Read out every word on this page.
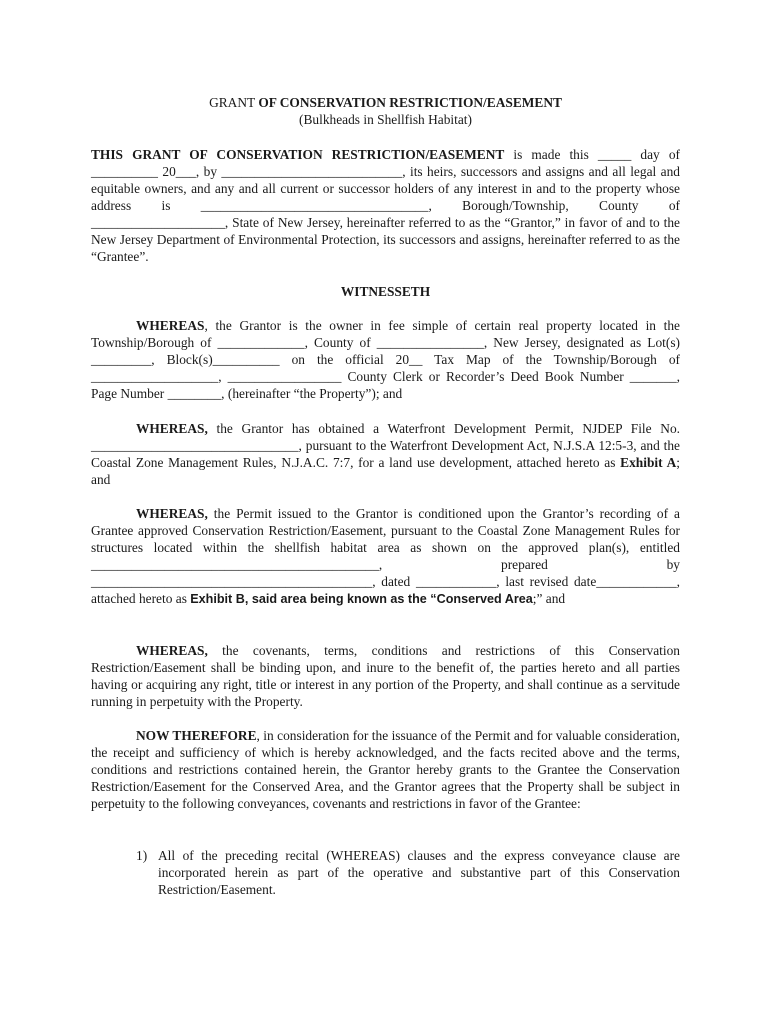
GRANT OF CONSERVATION RESTRICTION/EASEMENT
(Bulkheads in Shellfish Habitat)

THIS GRANT OF CONSERVATION RESTRICTION/EASEMENT is made this _____ day of __________ 20___, by ___________________________, its heirs, successors and assigns and all legal and equitable owners, and any and all current or successor holders of any interest in and to the property whose address is __________________________________, Borough/Township, County of ____________________, State of New Jersey, hereinafter referred to as the “Grantor,” in favor of and to the New Jersey Department of Environmental Protection, its successors and assigns, hereinafter referred to as the “Grantee”.

WITNESSETH

WHEREAS, the Grantor is the owner in fee simple of certain real property located in the Township/Borough of _____________, County of ________________, New Jersey, designated as Lot(s) _________, Block(s)__________ on the official 20__ Tax Map of the Township/Borough of ___________________, _________________ County Clerk or Recorder’s Deed Book Number _______, Page Number ________, (hereinafter “the Property”); and

WHEREAS, the Grantor has obtained a Waterfront Development Permit, NJDEP File No. _______________________________, pursuant to the Waterfront Development Act, N.J.S.A 12:5-3, and the Coastal Zone Management Rules, N.J.A.C. 7:7, for a land use development, attached hereto as Exhibit A; and

WHEREAS, the Permit issued to the Grantor is conditioned upon the Grantor’s recording of a Grantee approved Conservation Restriction/Easement, pursuant to the Coastal Zone Management Rules for structures located within the shellfish habitat area as shown on the approved plan(s), entitled ___________________________________________, prepared by __________________________________________, dated ____________, last revised date____________, attached hereto as Exhibit B, said area being known as the “Conserved Area;” and

WHEREAS, the covenants, terms, conditions and restrictions of this Conservation Restriction/Easement shall be binding upon, and inure to the benefit of, the parties hereto and all parties having or acquiring any right, title or interest in any portion of the Property, and shall continue as a servitude running in perpetuity with the Property.

NOW THEREFORE, in consideration for the issuance of the Permit and for valuable consideration, the receipt and sufficiency of which is hereby acknowledged, and the facts recited above and the terms, conditions and restrictions contained herein, the Grantor hereby grants to the Grantee the Conservation Restriction/Easement for the Conserved Area, and the Grantor agrees that the Property shall be subject in perpetuity to the following conveyances, covenants and restrictions in favor of the Grantee:

1) All of the preceding recital (WHEREAS) clauses and the express conveyance clause are incorporated herein as part of the operative and substantive part of this Conservation Restriction/Easement.
